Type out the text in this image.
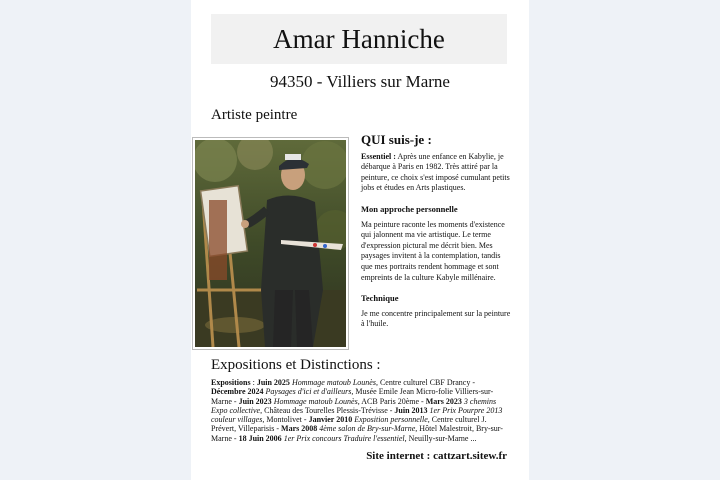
Amar Hanniche
94350 - Villiers sur Marne
Artiste peintre
QUI suis-je :

Essentiel : Après une enfance en Kabylie, je débarque à Paris en 1982. Très attiré par la peinture, ce choix s'est imposé cumulant petits jobs et études en Arts plastiques.

Mon approche personnelle

Ma peinture raconte les moments d'existence qui jalonnent ma vie artistique. Le terme d'expression pictural me décrit bien. Mes paysages invitent à la contemplation, tandis que mes portraits rendent hommage et sont empreints de la culture Kabyle millénaire.

Technique

Je me concentre principalement sur la peinture à l'huile.

Expositions et Distinctions :
Expositions : Juin 2025 Hommage matoub Lounès, Centre culturel CBF Drancy - Décembre 2024 Paysages d'ici et d'ailleurs, Musée Emile Jean Micro-folie Villiers-sur-Marne - Juin 2023 Hommage matoub Lounès, ACB Paris 20ème - Mars 2023 3 chemins Expo collective, Château des Tourelles Plessis-Trévisse - Juin 2013 1er Prix Pourpre 2013 couleur villages, Montolivet - Janvier 2010 Exposition personnelle, Centre culturel J. Prévert, Villeparisis - Mars 2008 4ème salon de Bry-sur-Marne, Hôtel Malestroit, Bry-sur-Marne - 18 Juin 2006 1er Prix concours Traduire l'essentiel, Neuilly-sur-Marne ...
Site internet : cattzart.sitew.fr
